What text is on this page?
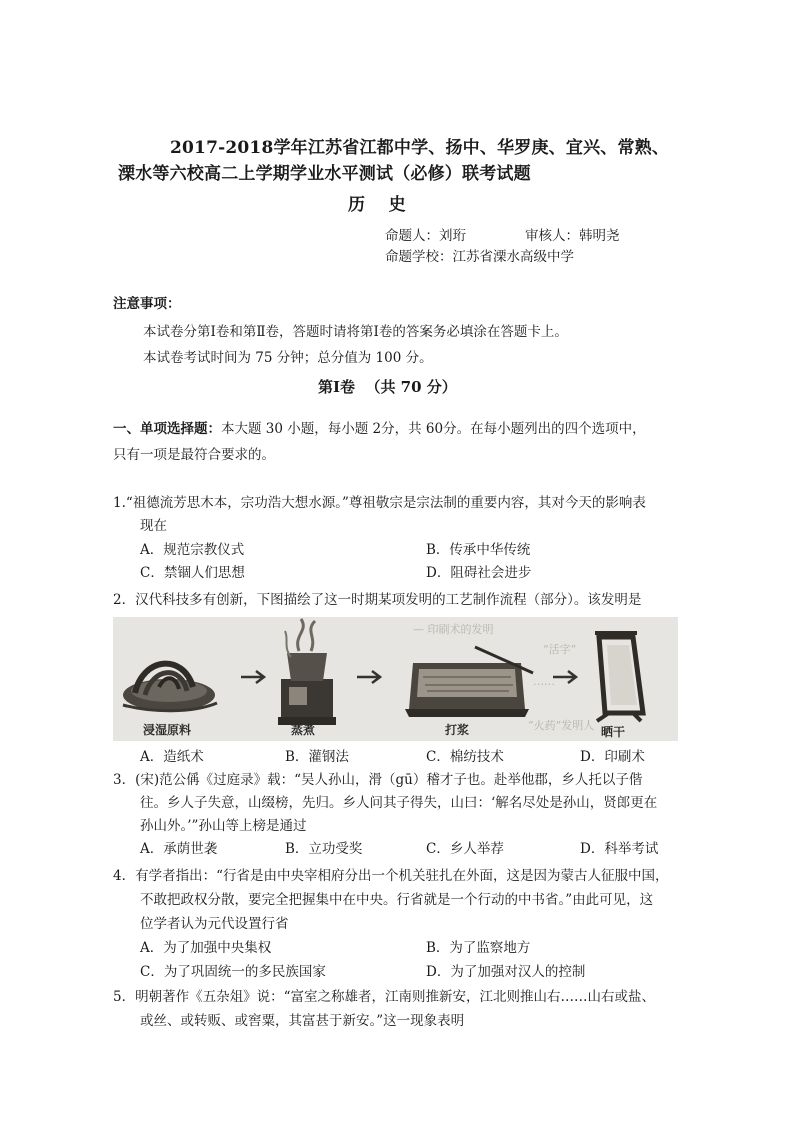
2017-2018学年江苏省江都中学、扬中、华罗庚、宜兴、常熟、
溧水等六校高二上学期学业水平测试（必修）联考试题
历    史
命题人：刘珩	审核人：韩明尧
命题学校：江苏省溧水高级中学
注意事项：
本试卷分第Ⅰ卷和第Ⅱ卷，答题时请将第Ⅰ卷的答案务必填涂在答题卡上。
本试卷考试时间为 75 分钟；总分值为 100 分。
第Ⅰ卷  （共 70 分）
一、单项选择题：本大题 30 小题，每小题 2分，共 60分。在每小题列出的四个选项中，
只有一项是最符合要求的。
1.“祖德流芳思木本，宗功浩大想水源。”尊祖敬宗是宗法制的重要内容，其对今天的影响表
现在
A．规范宗教仪式	B．传承中华传统
C．禁锢人们思想	D．阻碍社会进步
2．汉代科技多有创新，下图描绘了这一时期某项发明的工艺制作流程（部分）。该发明是
— 印刷术的发明
“活字”
……
“火药”发明人
浸湿原料	蒸煮	打浆	晒干
A．造纸术	B．灌钢法	C．棉纺技术	D．印刷术
3．(宋)范公偁《过庭录》载：“吴人孙山，滑（gū）稽才子也。赴举他郡，乡人托以子偕
往。乡人子失意，山缀榜，先归。乡人问其子得失，山曰：‘解名尽处是孙山，贤郎更在
孙山外。’”孙山等上榜是通过
A．承荫世袭	B．立功受奖	C．乡人举荐	D．科举考试
4．有学者指出：“行省是由中央宰相府分出一个机关驻扎在外面，这是因为蒙古人征服中国，
不敢把政权分散，要完全把握集中在中央。行省就是一个行动的中书省。”由此可见，这
位学者认为元代设置行省
A．为了加强中央集权	B．为了监察地方
C．为了巩固统一的多民族国家	D．为了加强对汉人的控制
5．明朝著作《五杂俎》说：“富室之称雄者，江南则推新安，江北则推山右……山右或盐、
或丝、或转贩、或窖粟，其富甚于新安。”这一现象表明
